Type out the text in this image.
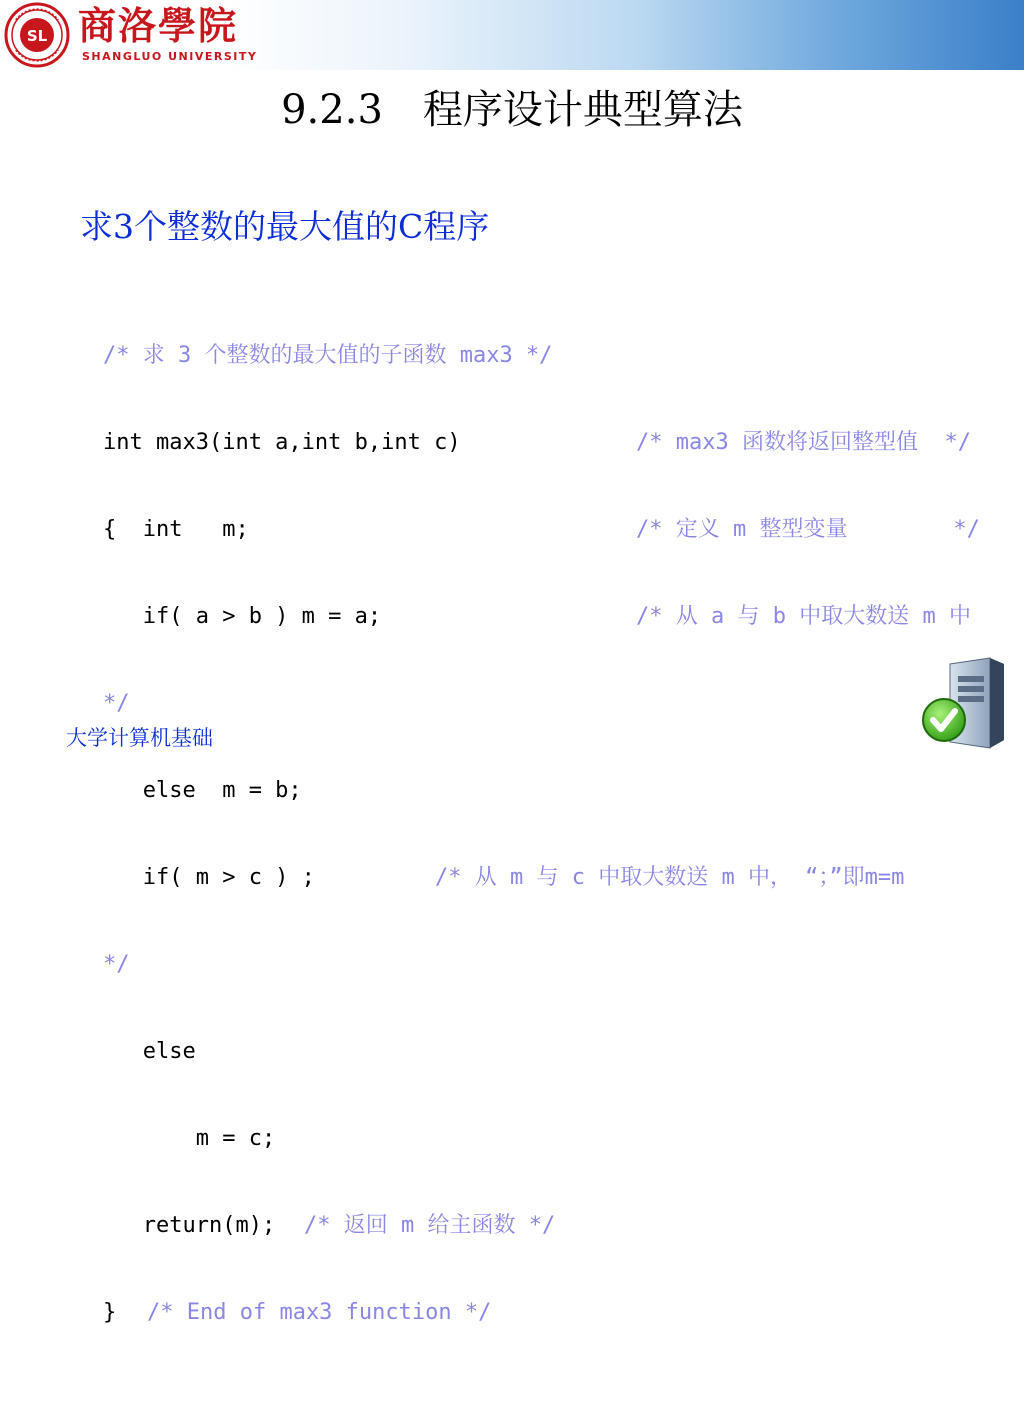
SL 商洛學院
SHANGLUO UNIVERSITY
9.2.3　程序设计典型算法
求3个整数的最大值的C程序

/* 求 3 个整数的最大值的子函数 max3 */

int max3(int a,int b,int c)

	/* max3 函数将返回整型值  */

{  int   m;

	/* 定义 m 整型变量        */

if( a > b ) m = a;

	/* 从 a 与 b 中取大数送 m 中

*/

else  m = b;

if( m > c ) ;

	/* 从 m 与 c 中取大数送 m 中， “；”即m=m

*/

else

m = c;

return(m);

/* 返回 m 给主函数 */

}

/* End of max3 function */

大学计算机基础
